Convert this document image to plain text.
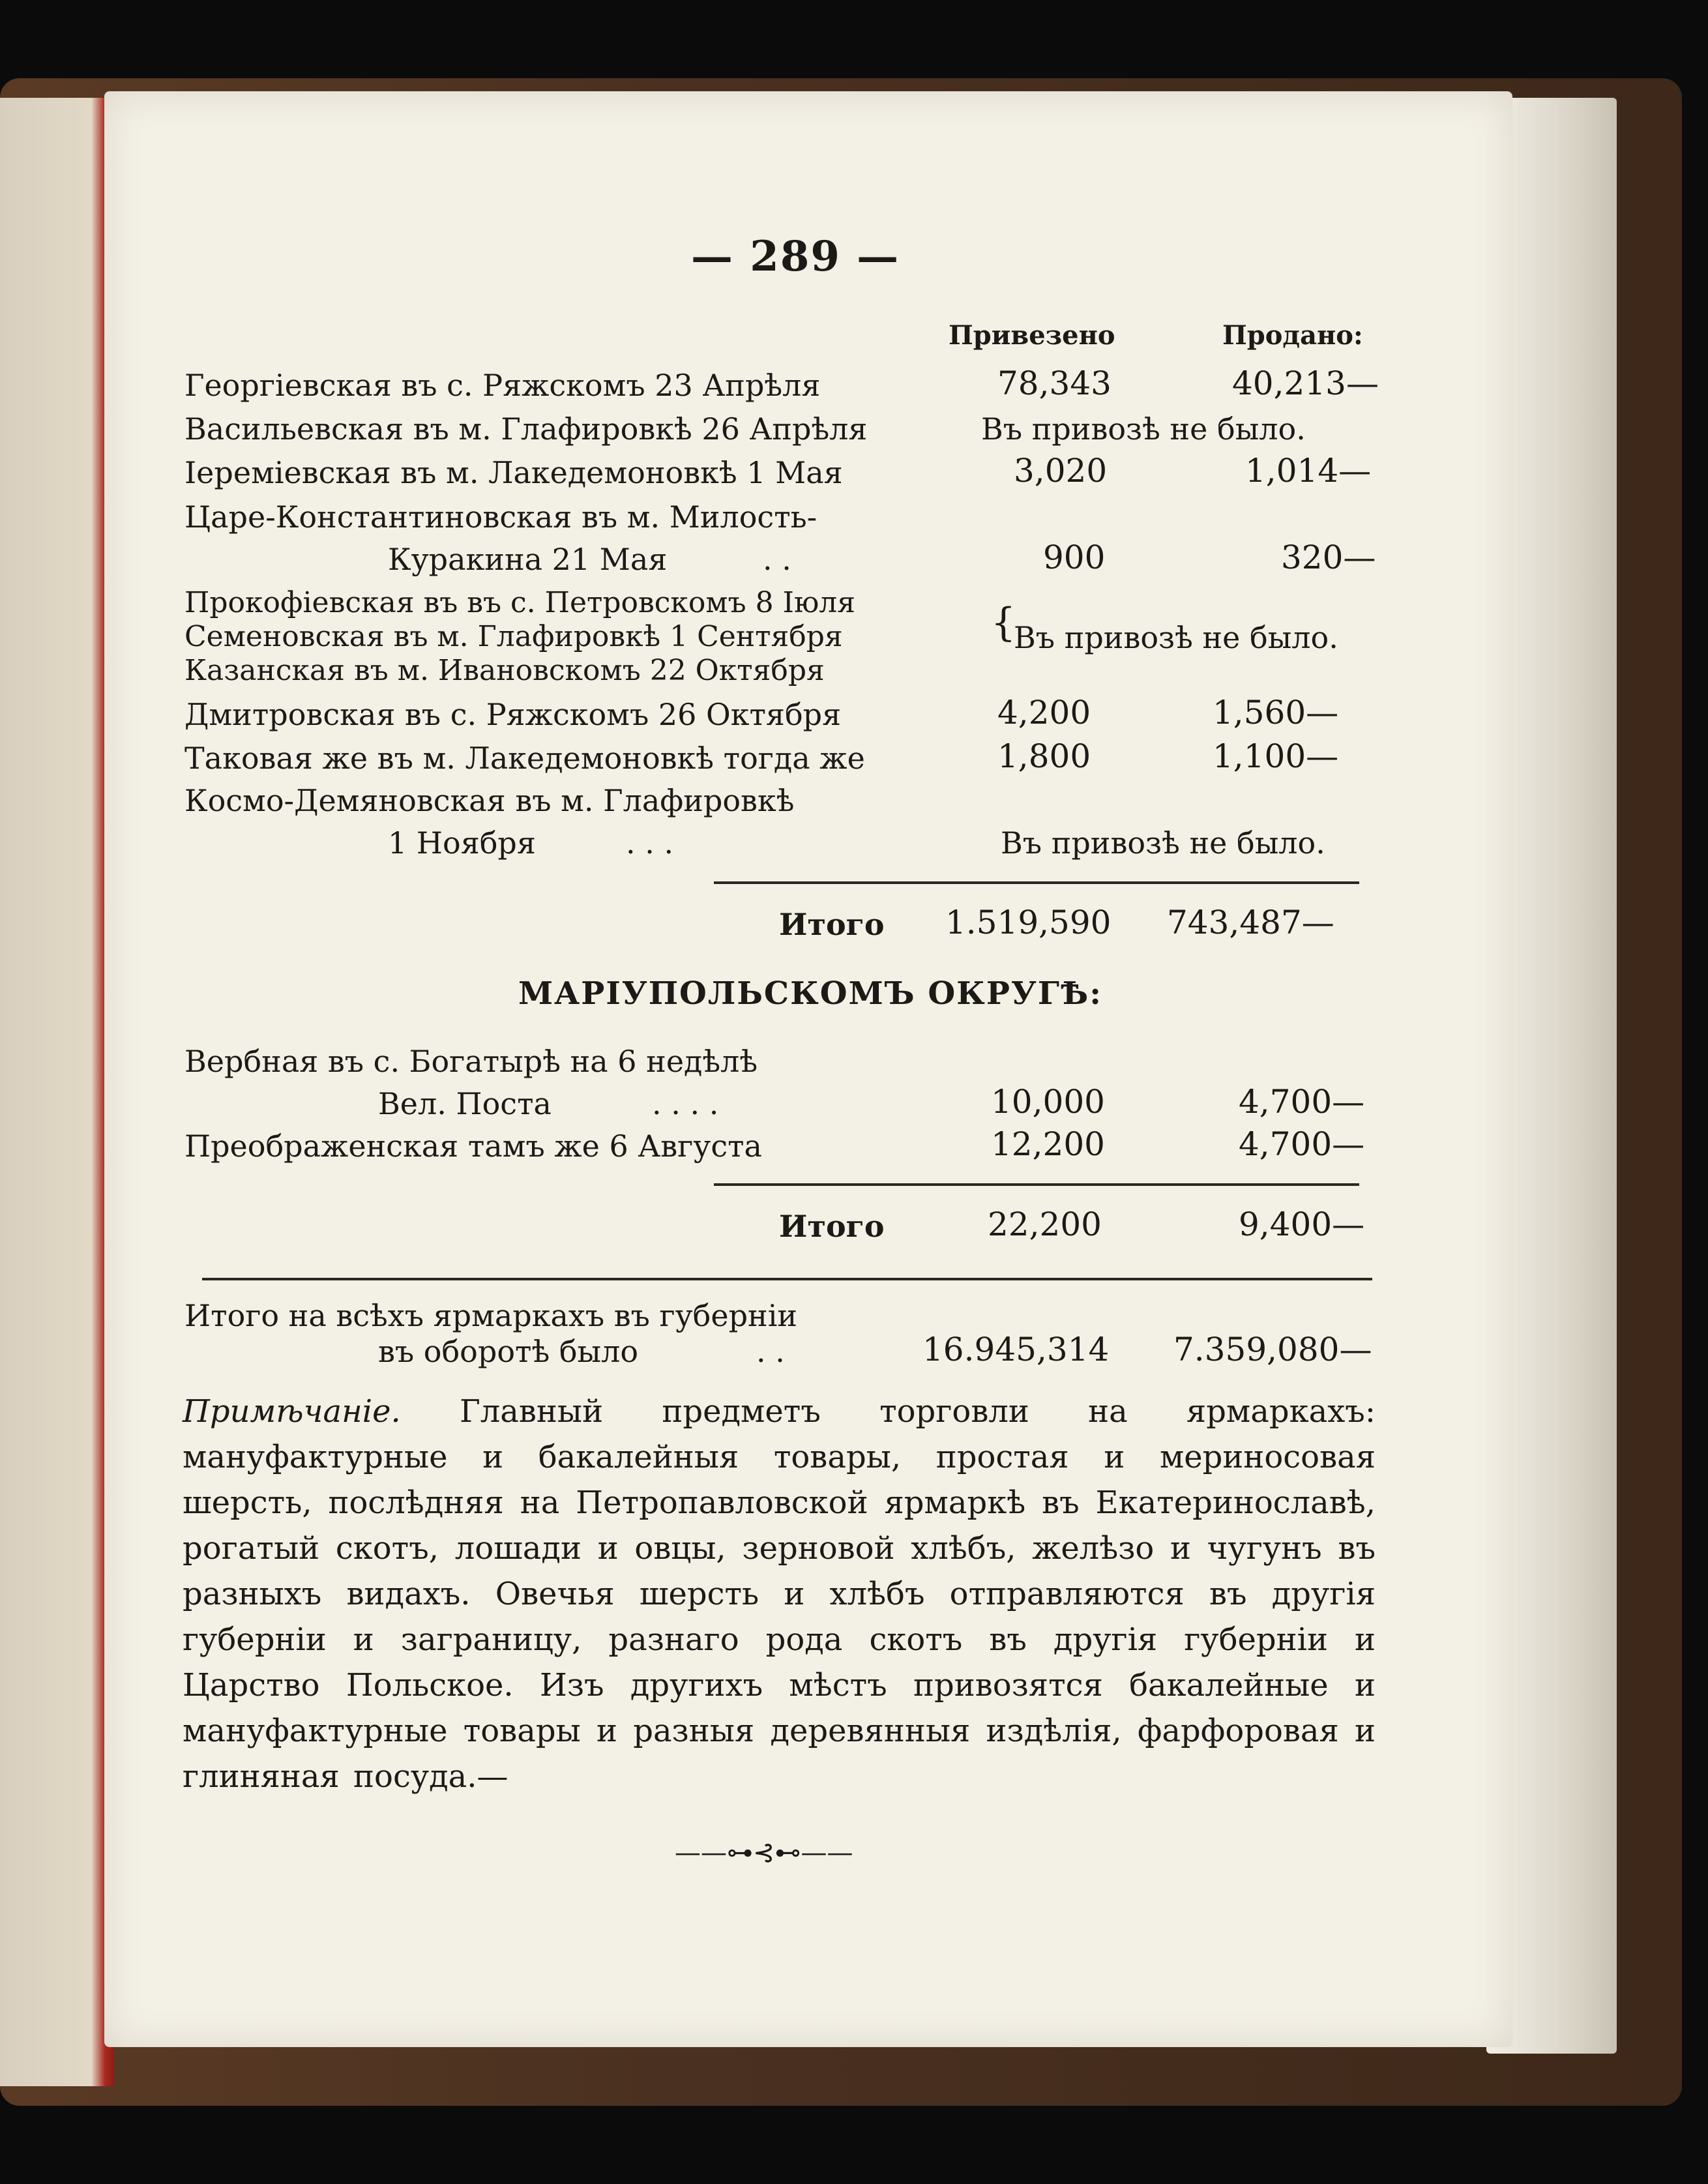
— 289 —
Привезено	Продано:
Георгіевская въ с. Ряжскомъ 23 Апрѣля	78,343	40,213—
Васильевская въ м. Глафировкѣ 26 Апрѣля	Въ привозѣ не было.
Іереміевская въ м. Лакедемоновкѣ 1 Мая	3,020	1,014—
Царе-Константиновская въ м. Милость-
Куракина 21 Мая	. .	900	320—
Прокофіевская въ въ с. Петровскомъ 8 Іюля
Семеновская въ м. Глафировкѣ 1 Сентября
Казанская въ м. Ивановскомъ 22 Октября
{
Въ привозѣ не было.
Дмитровская въ с. Ряжскомъ 26 Октября	4,200	1,560—
Таковая же въ м. Лакедемоновкѣ тогда же	1,800	1,100—
Космо-Демяновская въ м. Глафировкѣ
1 Ноября	. . .	Въ привозѣ не было.
Итого 1.519,590 743,487—
МАРІУПОЛЬСКОМЪ ОКРУГѢ:
Вербная въ с. Богатырѣ на 6 недѣлѣ
Вел. Поста	. . . .	10,000	4,700—
Преображенская тамъ же 6 Августа	12,200	4,700—
Итого	22,200	9,400—
Итого на всѣхъ ярмаркахъ въ губерніи
въ оборотѣ было	. .	16.945,314 7.359,080—
Примѣчаніе. Главный предметъ торговли на ярмаркахъ: мануфактурные и бакалейныя товары, простая и мериносовая шерсть, послѣдняя на Петропавловской ярмаркѣ въ Екатеринославѣ, рогатый скотъ, лошади и овцы, зерновой хлѣбъ, желѣзо и чугунъ въ разныхъ видахъ. Овечья шерсть и хлѣбъ отправляются въ другія губерніи и заграницу, разнаго рода скотъ въ другія губерніи и Царство Польское. Изъ другихъ мѣстъ привозятся бакалейные и мануфактурные товары и разныя деревянныя издѣлія, фарфоровая и глиняная посуда.—
——⊶⊰⊷——
